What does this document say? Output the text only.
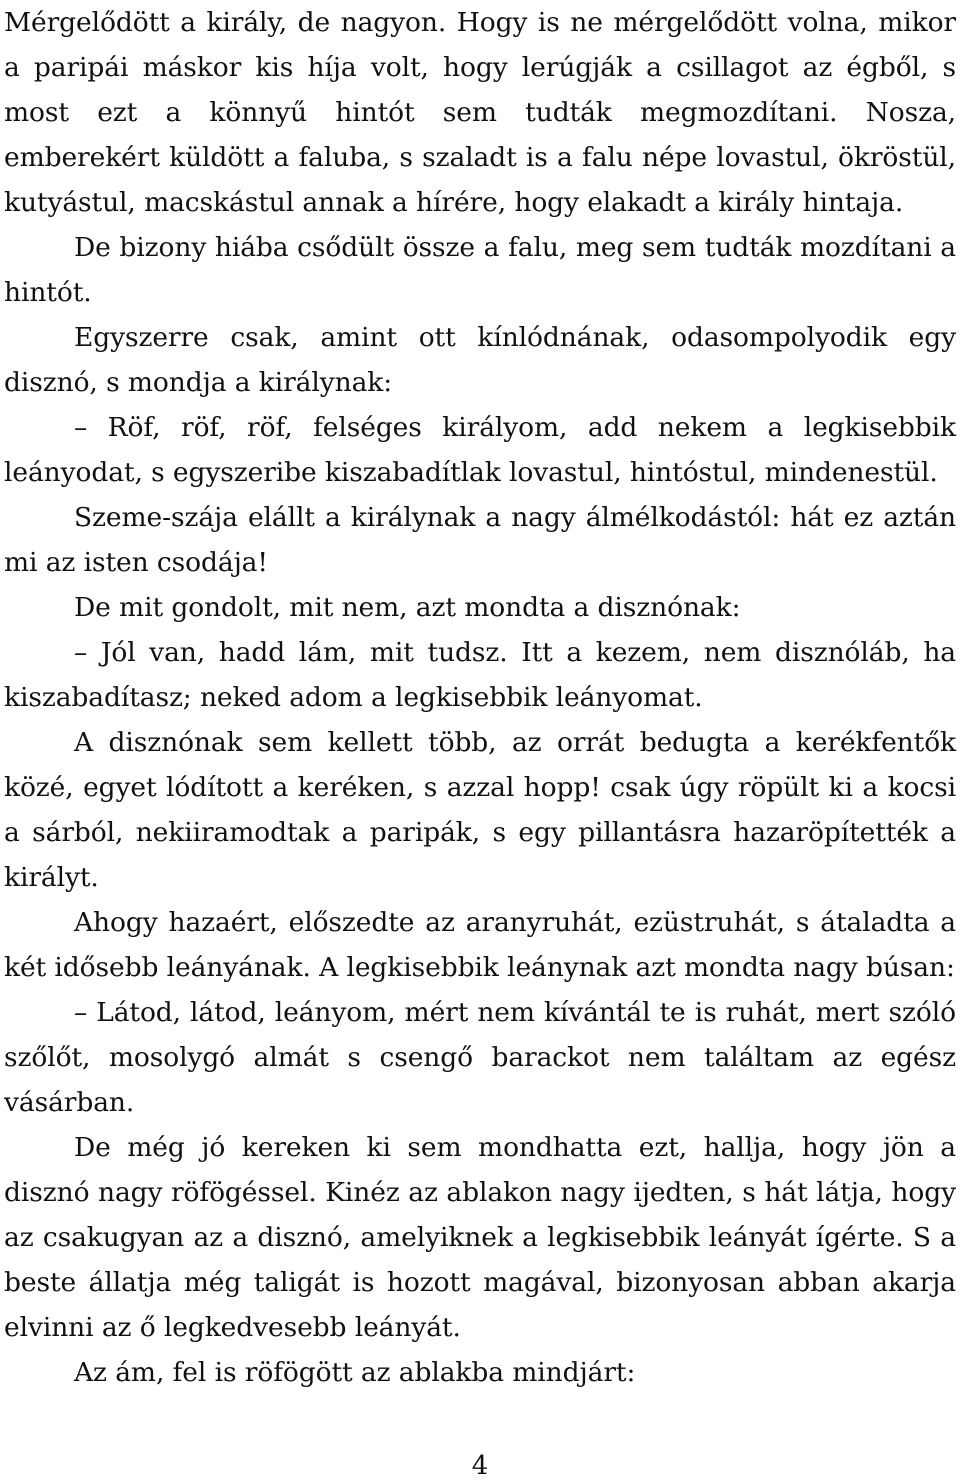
Mérgelődött a király, de nagyon. Hogy is ne mérgelődött volna, mikor a paripái máskor kis híja volt, hogy lerúgják a csillagot az égből, s most ezt a könnyű hintót sem tudták megmozdítani. Nosza, emberekért küldött a faluba, s szaladt is a falu népe lovastul, ökröstül, kutyástul, macskástul annak a hírére, hogy elakadt a király hintaja.

De bizony hiába csődült össze a falu, meg sem tudták mozdítani a hintót.

Egyszerre csak, amint ott kínlódnának, odasompolyodik egy disznó, s mondja a királynak:

– Röf, röf, röf, felséges királyom, add nekem a legkisebbik leányodat, s egyszeribe kiszabadítlak lovastul, hintóstul, mindenestül.

Szeme-szája elállt a királynak a nagy álmélkodástól: hát ez aztán mi az isten csodája!

De mit gondolt, mit nem, azt mondta a disznónak:

– Jól van, hadd lám, mit tudsz. Itt a kezem, nem disznóláb, ha kiszabadítasz; neked adom a legkisebbik leányomat.

A disznónak sem kellett több, az orrát bedugta a kerékfentők közé, egyet lódított a keréken, s azzal hopp! csak úgy röpült ki a kocsi a sárból, nekiiramodtak a paripák, s egy pillantásra hazaröpítették a királyt.

Ahogy hazaért, előszedte az aranyruhát, ezüstruhát, s átaladta a két idősebb leányának. A legkisebbik leánynak azt mondta nagy búsan:

– Látod, látod, leányom, mért nem kívántál te is ruhát, mert szóló szőlőt, mosolygó almát s csengő barackot nem találtam az egész vásárban.

De még jó kereken ki sem mondhatta ezt, hallja, hogy jön a disznó nagy röfögéssel. Kinéz az ablakon nagy ijedten, s hát látja, hogy az csakugyan az a disznó, amelyiknek a legkisebbik leányát ígérte. S a beste állatja még taligát is hozott magával, bizonyosan abban akarja elvinni az ő legkedvesebb leányát.

Az ám, fel is röfögött az ablakba mindjárt:

4
